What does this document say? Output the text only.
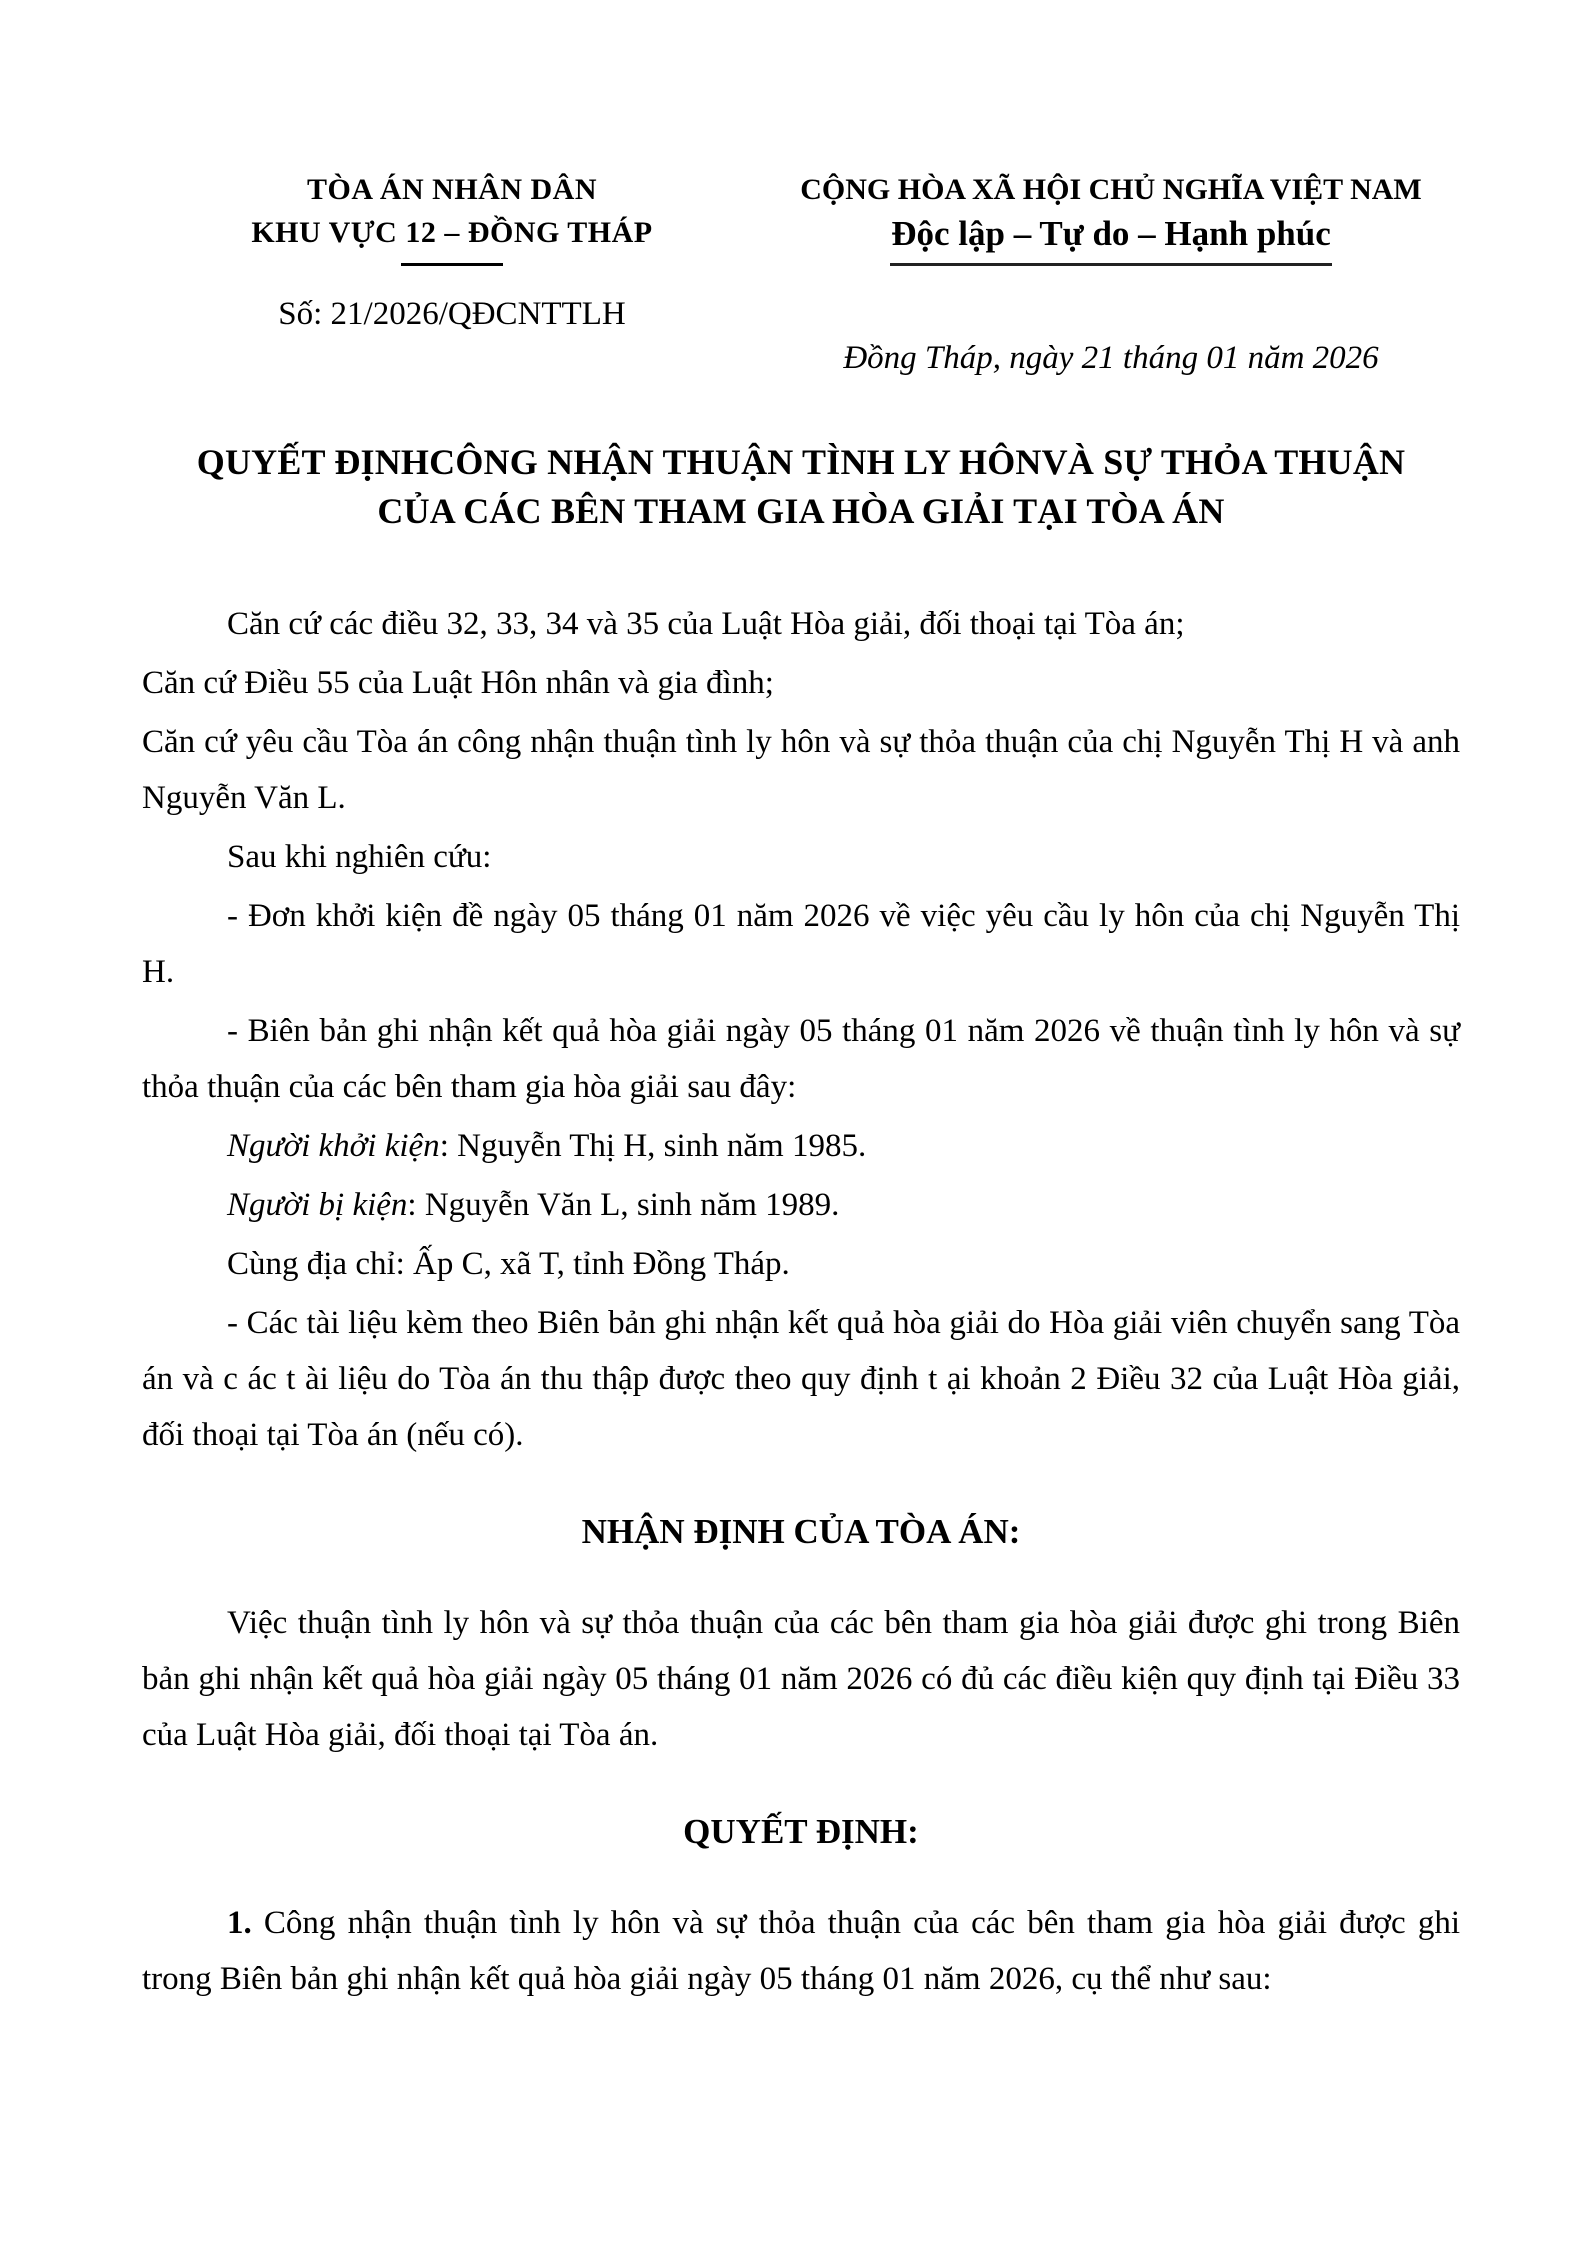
TÒA ÁN NHÂN DÂN
KHU VỰC 12 – ĐỒNG THÁP
CỘNG HÒA XÃ HỘI CHỦ NGHĨA VIỆT NAM
Độc lập – Tự do – Hạnh phúc
Số: 21/2026/QĐCNTTLH
Đồng Tháp, ngày 21 tháng 01 năm 2026
QUYẾT ĐỊNHCÔNG NHẬN THUẬN TÌNH LY HÔNVÀ SỰ THỎA THUẬN CỦA CÁC BÊN THAM GIA HÒA GIẢI TẠI TÒA ÁN

Căn cứ các điều 32, 33, 34 và 35 của Luật Hòa giải, đối thoại tại Tòa án;

Căn cứ Điều 55 của Luật Hôn nhân và gia đình;

Căn cứ yêu cầu Tòa án công nhận thuận tình ly hôn và sự thỏa thuận của chị Nguyễn Thị H và anh Nguyễn Văn L.

Sau khi nghiên cứu:

- Đơn khởi kiện đề ngày 05 tháng 01 năm 2026 về việc yêu cầu ly hôn của chị Nguyễn Thị H.

- Biên bản ghi nhận kết quả hòa giải ngày 05 tháng 01 năm 2026 về thuận tình ly hôn và sự thỏa thuận của các bên tham gia hòa giải sau đây:

Người khởi kiện: Nguyễn Thị H, sinh năm 1985.

Người bị kiện: Nguyễn Văn L, sinh năm 1989.

Cùng địa chỉ: Ấp C, xã T, tỉnh Đồng Tháp.

- Các tài liệu kèm theo Biên bản ghi nhận kết quả hòa giải do Hòa giải viên chuyển sang Tòa án và c ác t ài liệu do Tòa án thu thập được theo quy định t ại khoản 2 Điều 32 của Luật Hòa giải, đối thoại tại Tòa án (nếu có).

NHẬN ĐỊNH CỦA TÒA ÁN:

Việc thuận tình ly hôn và sự thỏa thuận của các bên tham gia hòa giải được ghi trong Biên bản ghi nhận kết quả hòa giải ngày 05 tháng 01 năm 2026 có đủ các điều kiện quy định tại Điều 33 của Luật Hòa giải, đối thoại tại Tòa án.

QUYẾT ĐỊNH:

1. Công nhận thuận tình ly hôn và sự thỏa thuận của các bên tham gia hòa giải được ghi trong Biên bản ghi nhận kết quả hòa giải ngày 05 tháng 01 năm 2026, cụ thể như sau:
